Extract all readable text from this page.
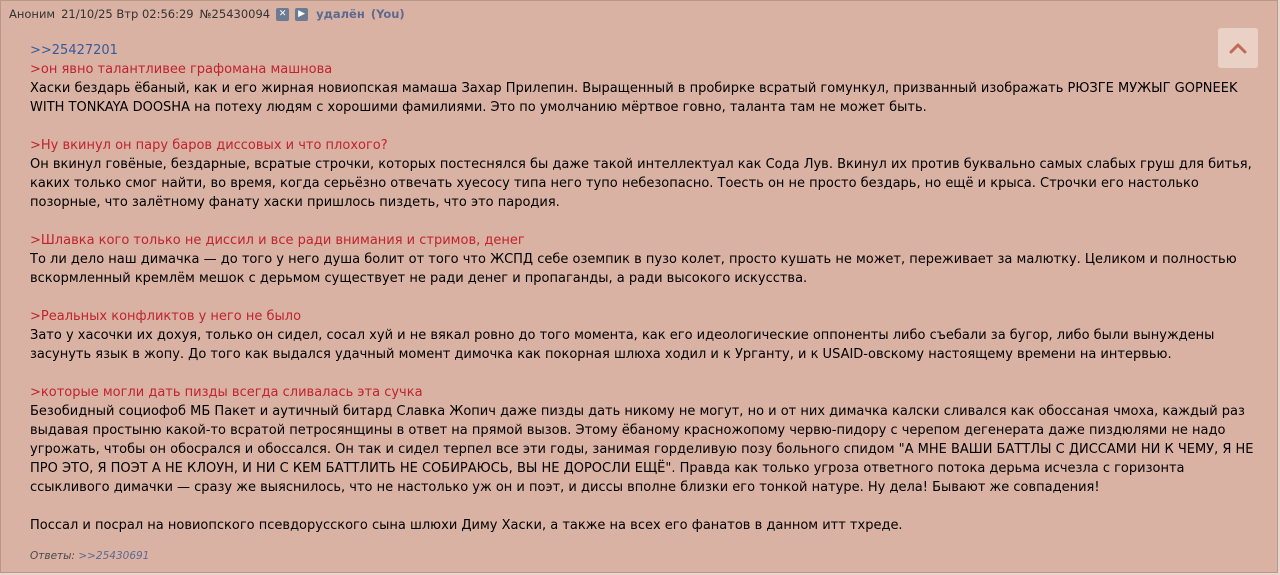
Аноним 21/10/25 Втр 02:56:29 №25430094 ✕	▶ удалён (You)
>>25427201
>он явно талантливее графомана машнова

Хаски бездарь ёбаный, как и его жирная новиопская мамаша Захар Прилепин. Выращенный в пробирке всратый гомункул, призванный изображать РЮЗГЕ МУЖЫГ GOPNEEK WITH TONKAYA DOOSHA на потеху людям с хорошими фамилиями. Это по умолчанию мёртвое говно, таланта там не может быть.

>Ну вкинул он пару баров диссовых и что плохого?

Он вкинул говёные, бездарные, всратые строчки, которых постеснялся бы даже такой интеллектуал как Сода Лув. Вкинул их против буквально самых слабых груш для битья, каких только смог найти, во время, когда серьёзно отвечать хуесосу типа него тупо небезопасно. Тоесть он не просто бездарь, но ещё и крыса. Строчки его настолько позорные, что залётному фанату хаски пришлось пиздеть, что это пародия.

>Шлавка кого только не диссил и все ради внимания и стримов, денег

То ли дело наш димачка — до того у него душа болит от того что ЖСПД себе оземпик в пузо колет, просто кушать не может, переживает за малютку. Целиком и полностью вскормленный кремлём мешок с дерьмом существует не ради денег и пропаганды, а ради высокого искусства.

>Реальных конфликтов у него не было

Зато у хасочки их дохуя, только он сидел, сосал хуй и не вякал ровно до того момента, как его идеологические оппоненты либо съебали за бугор, либо были вынуждены засунуть язык в жопу. До того как выдался удачный момент димочка как покорная шлюха ходил и к Урганту, и к USAID-овскому настоящему времени на интервью.

>которые могли дать пизды всегда сливалась эта сучка

Безобидный социофоб МБ Пакет и аутичный битард Славка Жопич даже пизды дать никому не могут, но и от них димачка калски сливался как обоссаная чмоха, каждый раз выдавая простыню какой-то всратой петросянщины в ответ на прямой вызов. Этому ёбаному красножопому червю-пидору с черепом дегенерата даже пиздюлями не надо угрожать, чтобы он обосрался и обоссался. Он так и сидел терпел все эти годы, занимая горделивую позу больного спидом "А МНЕ ВАШИ БАТТЛЫ С ДИССАМИ НИ К ЧЕМУ, Я НЕ ПРО ЭТО, Я ПОЭТ А НЕ КЛОУН, И НИ С КЕМ БАТТЛИТЬ НЕ СОБИРАЮСЬ, ВЫ НЕ ДОРОСЛИ ЕЩЁ". Правда как только угроза ответного потока дерьма исчезла с горизонта ссыкливого димачки — сразу же выяснилось, что не настолько уж он и поэт, и диссы вполне близки его тонкой натуре. Ну дела! Бывают же совпадения!

Поссал и посрал на новиопского псевдорусского сына шлюхи Диму Хаски, а также на всех его фанатов в данном итт тхреде.

Ответы: >>25430691
